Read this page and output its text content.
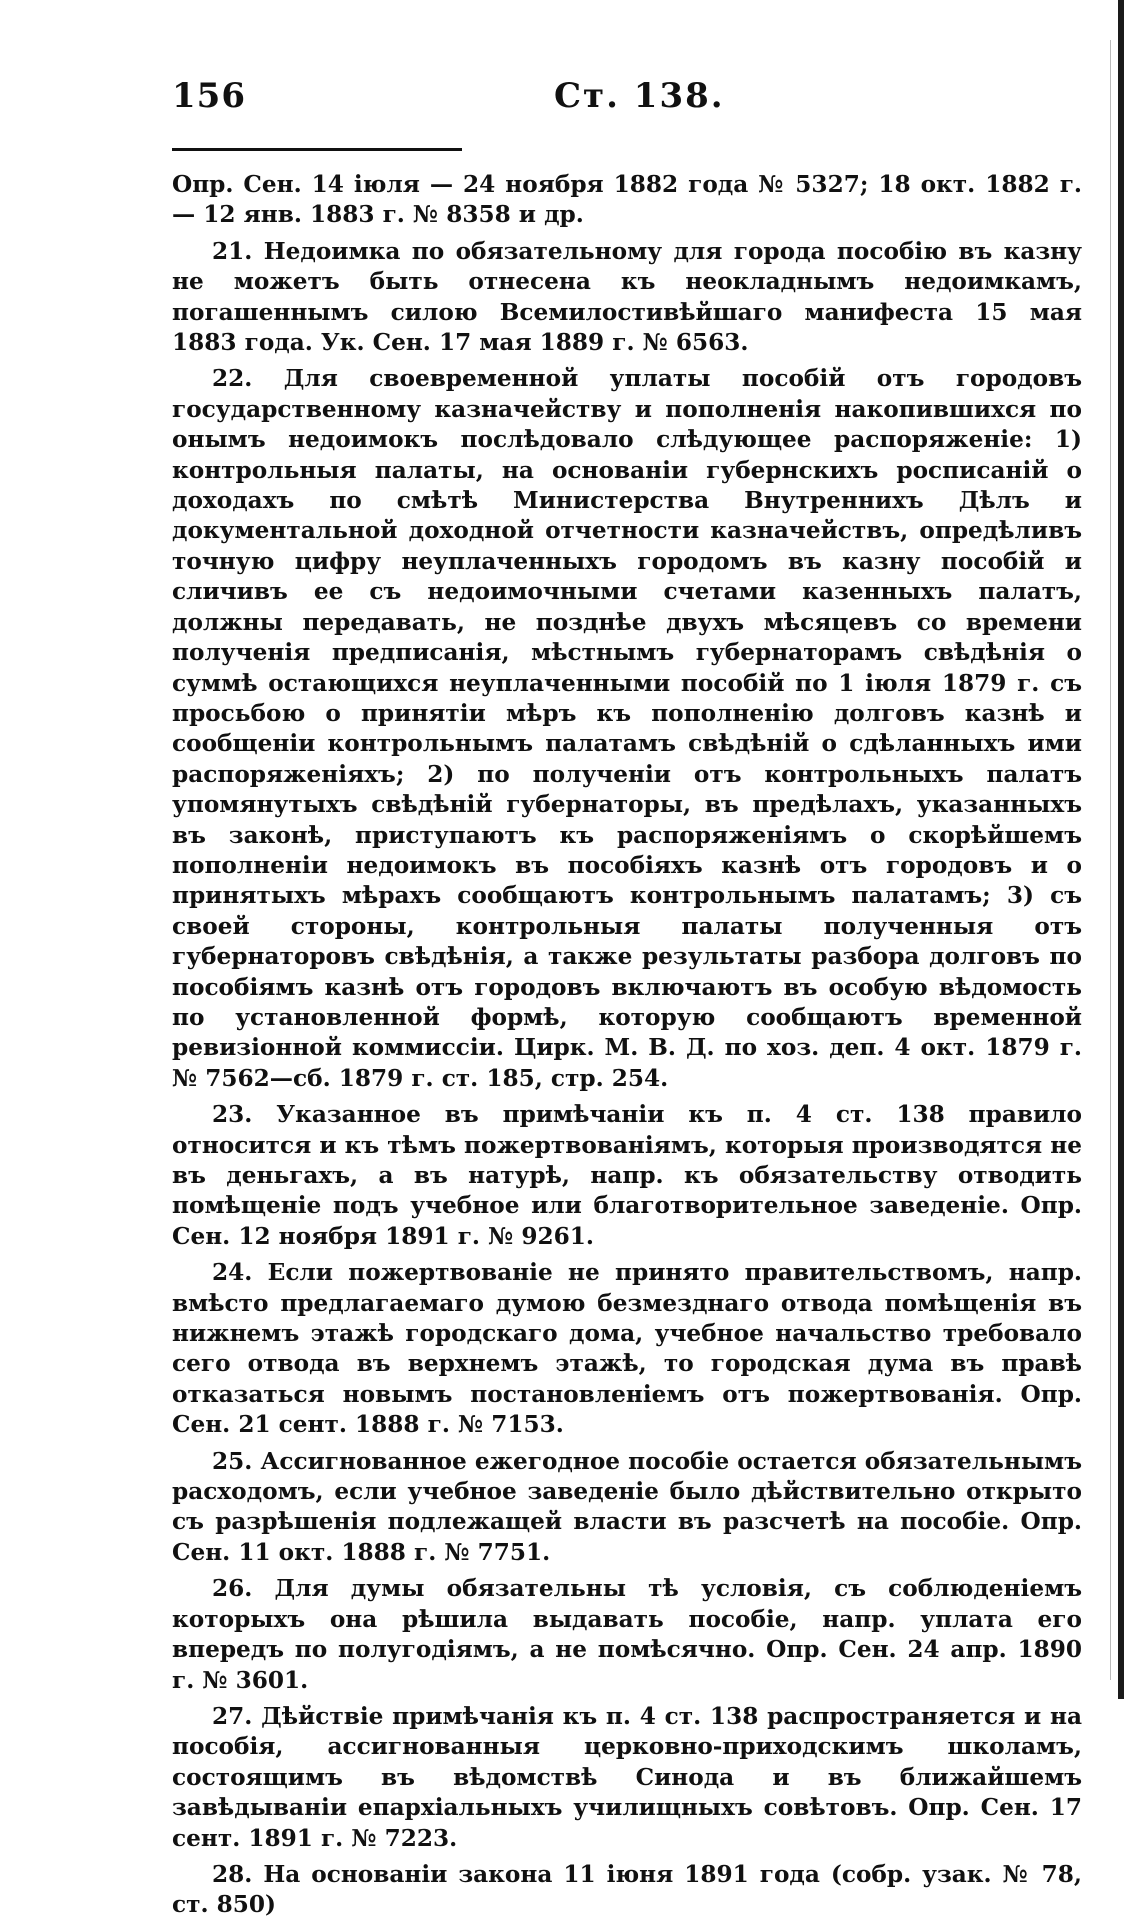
156	Ст. 138.

Опр. Сен. 14 іюля — 24 ноября 1882 года № 5327; 18 окт. 1882 г. — 12 янв. 1883 г. № 8358 и др.

21. Недоимка по обязательному для города пособію въ казну не можетъ быть отнесена къ неокладнымъ недоимкамъ, погашеннымъ силою Всемилостивѣйшаго манифеста 15 мая 1883 года. Ук. Сен. 17 мая 1889 г. № 6563.

22. Для своевременной уплаты пособій отъ городовъ государственному казначейству и пополненія накопившихся по онымъ недоимокъ послѣдовало слѣдующее распоряженіе: 1) контрольныя палаты, на основаніи губернскихъ росписаній о доходахъ по смѣтѣ Министерства Внутреннихъ Дѣлъ и документальной доходной отчетности казначействъ, опредѣливъ точную цифру неуплаченныхъ городомъ въ казну пособій и сличивъ ее съ недоимочными счетами казенныхъ палатъ, должны передавать, не позднѣе двухъ мѣсяцевъ со времени полученія предписанія, мѣстнымъ губернаторамъ свѣдѣнія о суммѣ остающихся неуплаченными пособій по 1 іюля 1879 г. съ просьбою о принятіи мѣръ къ пополненію долговъ казнѣ и сообщеніи контрольнымъ палатамъ свѣдѣній о сдѣланныхъ ими распоряженіяхъ; 2) по полученіи отъ контрольныхъ палатъ упомянутыхъ свѣдѣній губернаторы, въ предѣлахъ, указанныхъ въ законѣ, приступаютъ къ распоряженіямъ о скорѣйшемъ пополненіи недоимокъ въ пособіяхъ казнѣ отъ городовъ и о принятыхъ мѣрахъ сообщаютъ контрольнымъ палатамъ; 3) съ своей стороны, контрольныя палаты полученныя отъ губернаторовъ свѣдѣнія, а также результаты разбора долговъ по пособіямъ казнѣ отъ городовъ включаютъ въ особую вѣдомость по установленной формѣ, которую сообщаютъ временной ревизіонной коммиссіи. Цирк. М. В. Д. по хоз. деп. 4 окт. 1879 г. № 7562—сб. 1879 г. ст. 185, стр. 254.

23. Указанное въ примѣчаніи къ п. 4 ст. 138 правило относится и къ тѣмъ пожертвованіямъ, которыя производятся не въ деньгахъ, а въ натурѣ, напр. къ обязательству отводить помѣщеніе подъ учебное или благотворительное заведеніе. Опр. Сен. 12 ноября 1891 г. № 9261.

24. Если пожертвованіе не принято правительствомъ, напр. вмѣсто предлагаемаго думою безмезднаго отвода помѣщенія въ нижнемъ этажѣ городскаго дома, учебное начальство требовало сего отвода въ верхнемъ этажѣ, то городская дума въ правѣ отказаться новымъ постановленіемъ отъ пожертвованія. Опр. Сен. 21 сент. 1888 г. № 7153.

25. Ассигнованное ежегодное пособіе остается обязательнымъ расходомъ, если учебное заведеніе было дѣйствительно открыто съ разрѣшенія подлежащей власти въ разсчетѣ на пособіе. Опр. Сен. 11 окт. 1888 г. № 7751.

26. Для думы обязательны тѣ условія, съ соблюденіемъ которыхъ она рѣшила выдавать пособіе, напр. уплата его впередъ по полугодіямъ, а не помѣсячно. Опр. Сен. 24 апр. 1890 г. № 3601.

27. Дѣйствіе примѣчанія къ п. 4 ст. 138 распространяется и на пособія, ассигнованныя церковно-приходскимъ школамъ, состоящимъ въ вѣдомствѣ Синода и въ ближайшемъ завѣдываніи епархіальныхъ училищныхъ совѣтовъ. Опр. Сен. 17 сент. 1891 г. № 7223.

28. На основаніи закона 11 іюня 1891 года (собр. узак. № 78, ст. 850)
